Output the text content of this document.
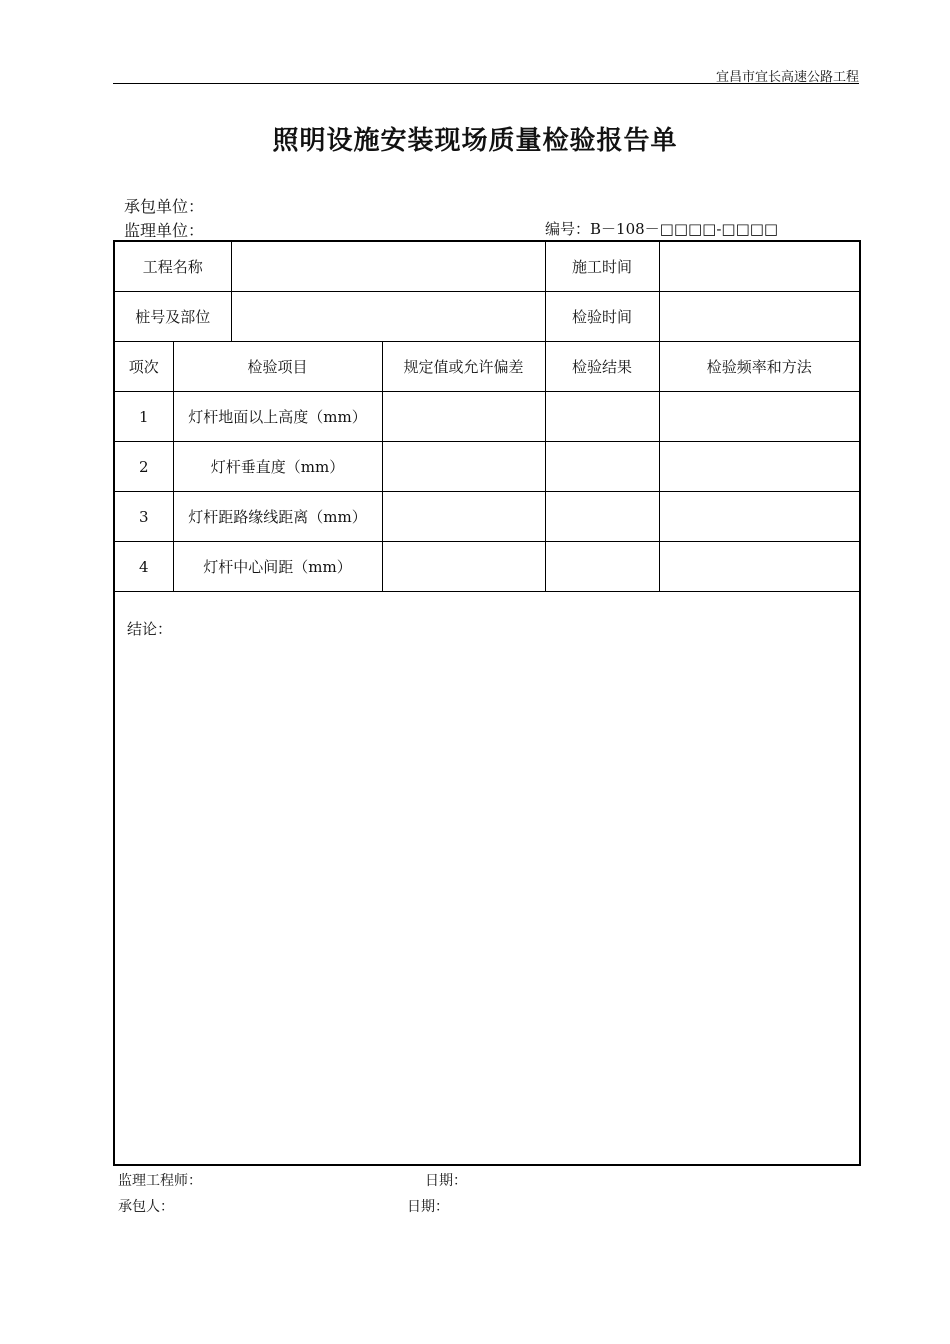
宜昌市宜长高速公路工程
照明设施安装现场质量检验报告单
承包单位：
监理单位：	编号：B－108－□□□□-□□□□
工程名称				施工时间	
桩号及部位				检验时间	
项次	检验项目		规定值或允许偏差	检验结果	检验频率和方法
1	灯杆地面以上高度（mm）				
2	灯杆垂直度（mm）				
3	灯杆距路缘线距离（mm）				
4	灯杆中心间距（mm）				
结论：					
监理工程师：	日期：
承包人：	日期：
